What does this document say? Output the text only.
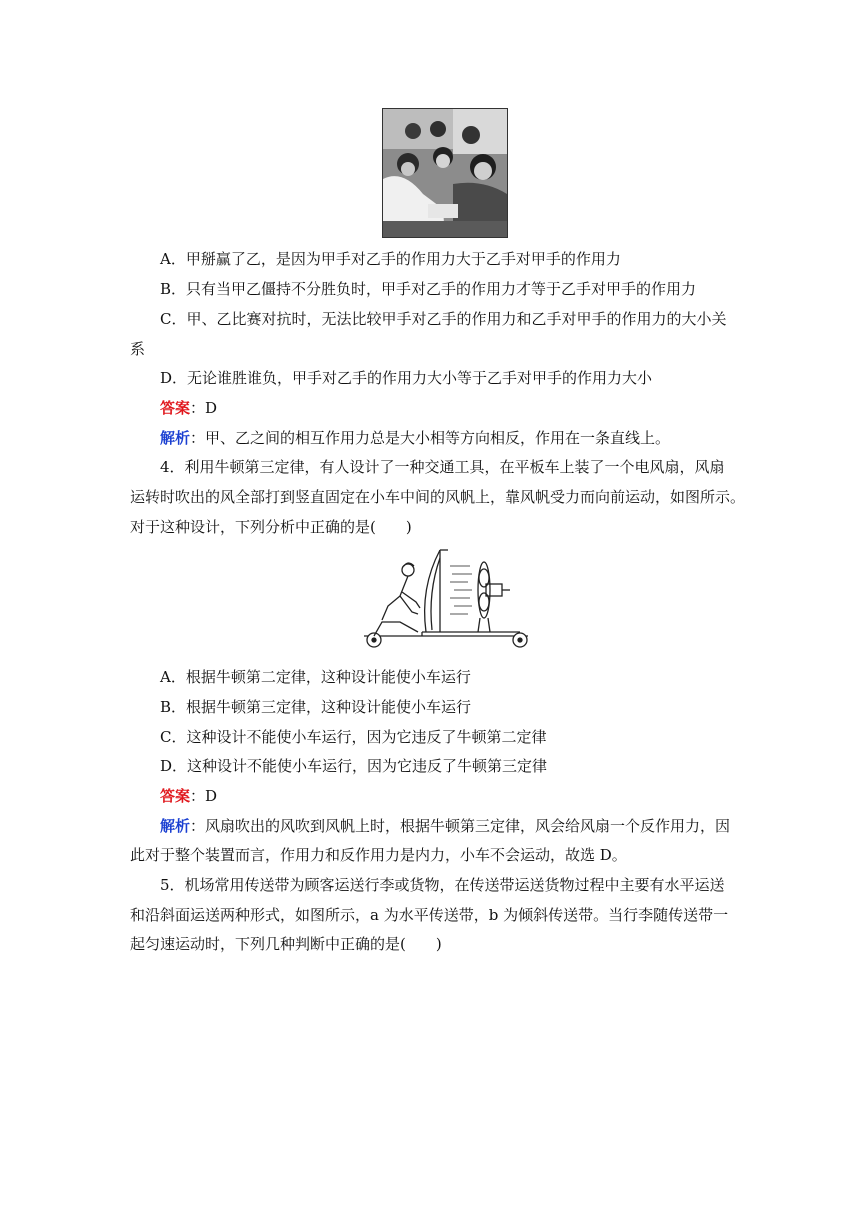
A．甲掰赢了乙，是因为甲手对乙手的作用力大于乙手对甲手的作用力
B．只有当甲乙僵持不分胜负时，甲手对乙手的作用力才等于乙手对甲手的作用力
C．甲、乙比赛对抗时，无法比较甲手对乙手的作用力和乙手对甲手的作用力的大小关
系
D．无论谁胜谁负，甲手对乙手的作用力大小等于乙手对甲手的作用力大小
答案：D
解析：甲、乙之间的相互作用力总是大小相等方向相反，作用在一条直线上。
4．利用牛顿第三定律，有人设计了一种交通工具，在平板车上装了一个电风扇，风扇
运转时吹出的风全部打到竖直固定在小车中间的风帆上，靠风帆受力而向前运动，如图所示。
对于这种设计，下列分析中正确的是(　　)
A．根据牛顿第二定律，这种设计能使小车运行
B．根据牛顿第三定律，这种设计能使小车运行
C．这种设计不能使小车运行，因为它违反了牛顿第二定律
D．这种设计不能使小车运行，因为它违反了牛顿第三定律
答案：D
解析：风扇吹出的风吹到风帆上时，根据牛顿第三定律，风会给风扇一个反作用力，因
此对于整个装置而言，作用力和反作用力是内力，小车不会运动，故选 D。
5．机场常用传送带为顾客运送行李或货物，在传送带运送货物过程中主要有水平运送
和沿斜面运送两种形式，如图所示，a 为水平传送带，b 为倾斜传送带。当行李随传送带一
起匀速运动时，下列几种判断中正确的是(　　)
